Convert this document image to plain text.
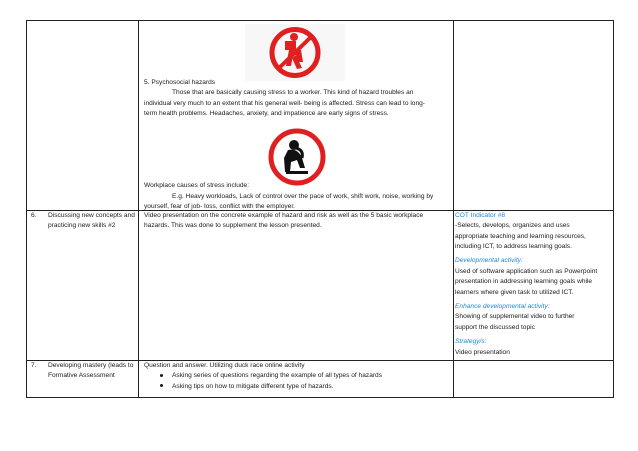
5. Psychosocial hazards
Those that are basically causing stress to a worker. This kind of hazard troubles an
individual very much to an extent that his general well- being is affected. Stress can lead to long-
term health problems. Headaches, anxiety, and impatience are early signs of stress.
Workplace causes of stress include:
E.g. Heavy workloads, Lack of control over the pace of work, shift work, noise, working by
yourself, fear of job- loss, conflict with the employer.
6. Discussing new concepts and
practicing new skills #2
Video presentation on the concrete example of hazard and risk as well as the 5 basic workplace
hazards. This was done to supplement the lesson presented.
COT Indicator #8
-Selects, develops, organizes and uses
appropriate teaching and learning resources,
including ICT, to address learning goals.
Developmental activity:
Used of software application such as Powerpoint
presentation in addressing learning goals while
learners where given task to utilized ICT.
Enhance developmental activity:
Showing of supplemental video to further
support the discussed topic
Strategy/s:
Video presentation
7. Developing mastery (leads to
Formative Assessment
Question and answer. Utilizing duck race online activity
Asking series of questions regarding the example of all types of hazards
Asking tips on how to mitigate different type of hazards.
